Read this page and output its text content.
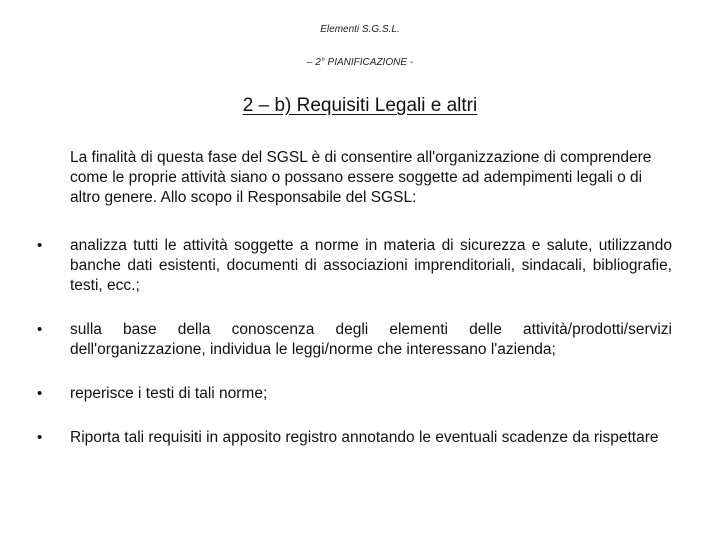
Elementi S.G.S.L.
– 2° PIANIFICAZIONE -
2 – b) Requisiti Legali e altri
La finalità di questa fase del SGSL è di consentire all'organizzazione di comprendere come le proprie attività siano o possano essere soggette ad adempimenti legali o di altro genere. Allo scopo il Responsabile del SGSL:
• analizza tutti le attività soggette a norme in materia di sicurezza e salute, utilizzando banche dati esistenti, documenti di associazioni imprenditoriali, sindacali, bibliografie, testi, ecc.;
• sulla base della conoscenza degli elementi delle attività/prodotti/servizi dell'organizzazione, individua le leggi/norme che interessano l'azienda;
• reperisce i testi di tali norme;
• Riporta tali requisiti in apposito registro annotando le eventuali scadenze da rispettare
